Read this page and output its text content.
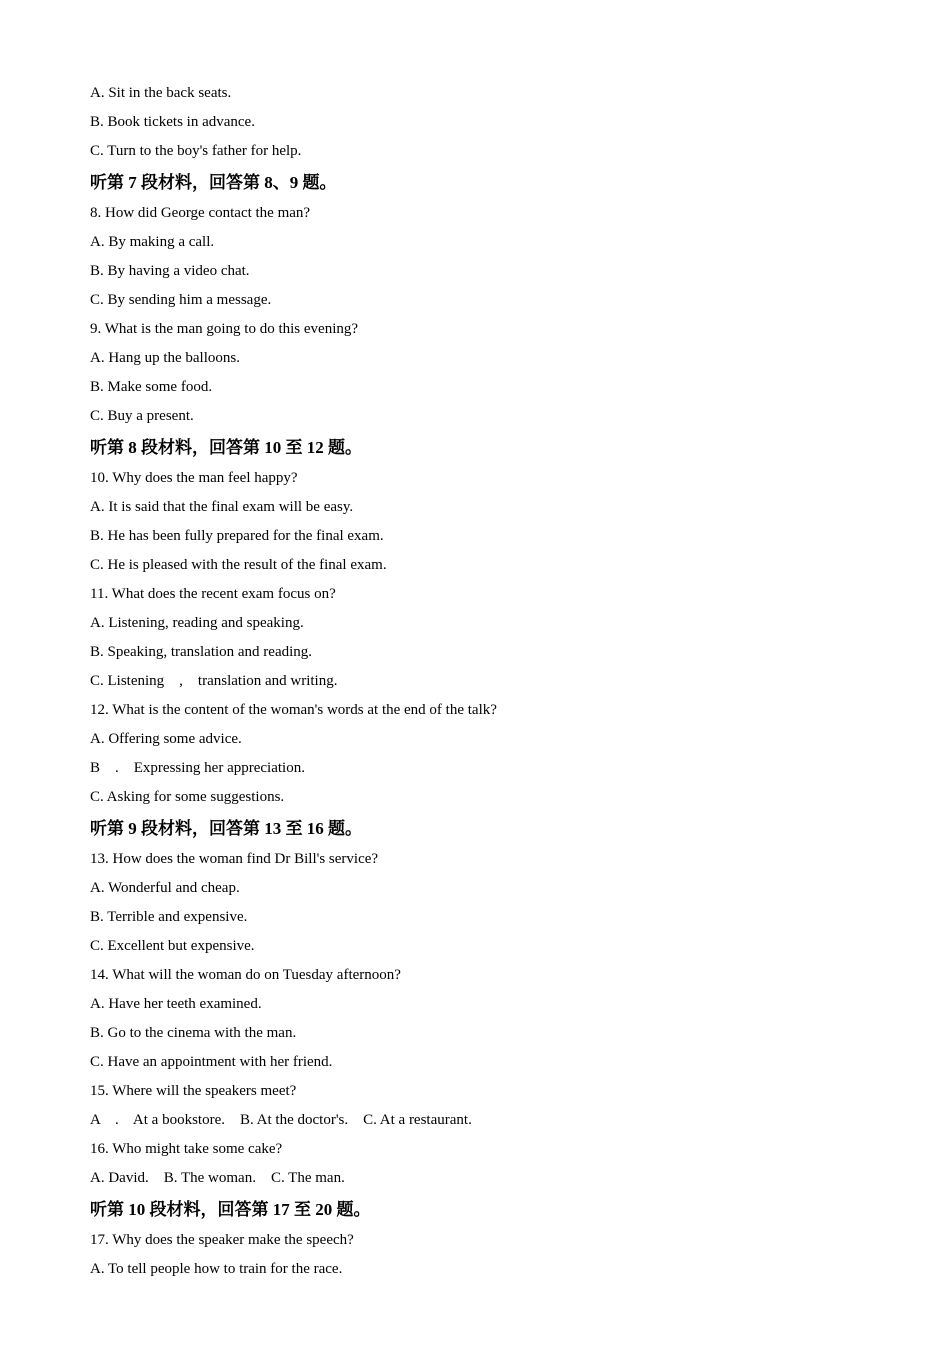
A. Sit in the back seats.
B. Book tickets in advance.
C. Turn to the boy's father for help.
听第 7 段材料，回答第 8、9 题。
8. How did George contact the man?
A. By making a call.
B. By having a video chat.
C. By sending him a message.
9. What is the man going to do this evening?
A. Hang up the balloons.
B. Make some food.
C. Buy a present.
听第 8 段材料，回答第 10 至 12 题。
10. Why does the man feel happy?
A. It is said that the final exam will be easy.
B. He has been fully prepared for the final exam.
C. He is pleased with the result of the final exam.
11. What does the recent exam focus on?
A. Listening, reading and speaking.
B. Speaking, translation and reading.
C. Listening    ,    translation and writing.
12. What is the content of the woman's words at the end of the talk?
A. Offering some advice.
B    .    Expressing her appreciation.
C. Asking for some suggestions.
听第 9 段材料，回答第 13 至 16 题。
13. How does the woman find Dr Bill's service?
A. Wonderful and cheap.
B. Terrible and expensive.
C. Excellent but expensive.
14. What will the woman do on Tuesday afternoon?
A. Have her teeth examined.
B. Go to the cinema with the man.
C. Have an appointment with her friend.
15. Where will the speakers meet?
A    .    At a bookstore.    B. At the doctor's.    C. At a restaurant.
16. Who might take some cake?
A. David.    B. The woman.    C. The man.
听第 10 段材料，回答第 17 至 20 题。
17. Why does the speaker make the speech?
A. To tell people how to train for the race.
